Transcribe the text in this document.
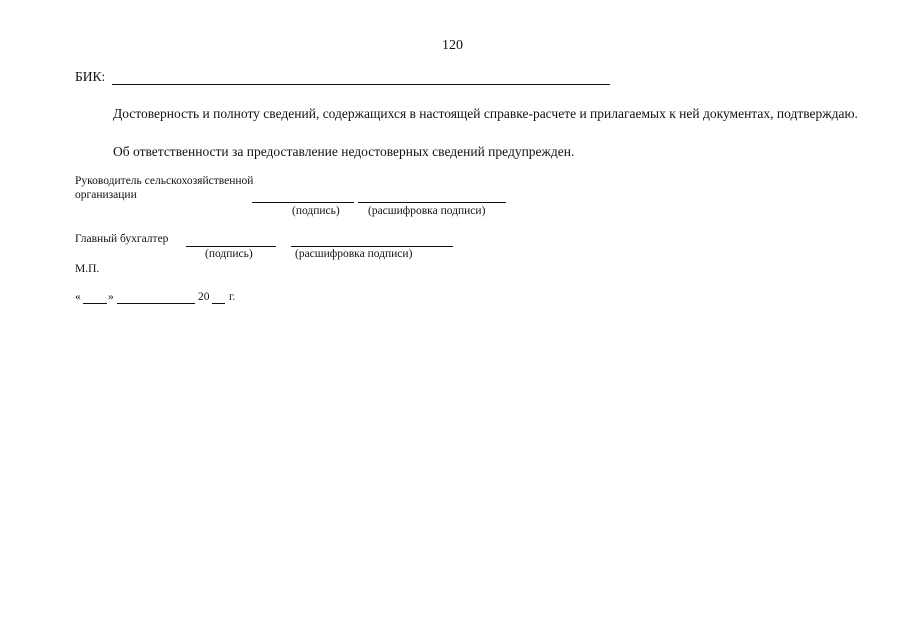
120
БИК:
Достоверность и полноту сведений, содержащихся в настоящей справке-расчете и прилагаемых к ней документах, подтверждаю.
Об ответственности за предоставление недостоверных сведений предупрежден.
Руководитель сельскохозяйственной
организации
(подпись) (расшифровка подписи)
Главный бухгалтер
(подпись)	(расшифровка подписи)
М.П.
« »	20 г.
